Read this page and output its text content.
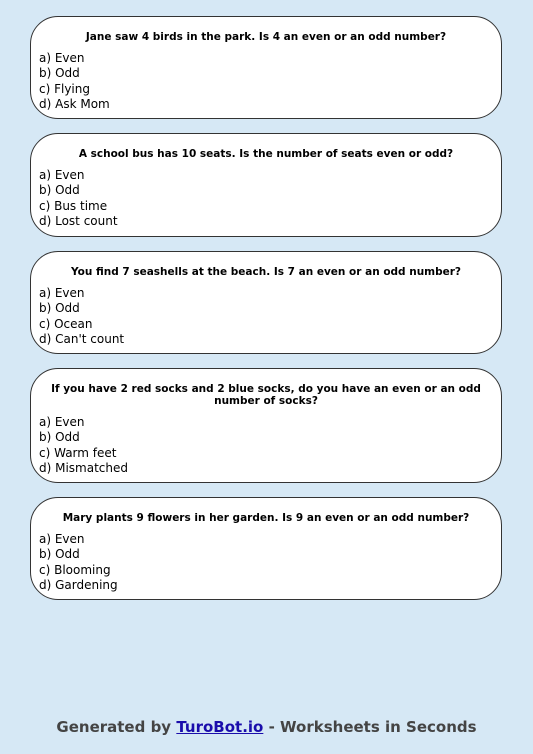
Jane saw 4 birds in the park. Is 4 an even or an odd number?
a) Even
b) Odd
c) Flying
d) Ask Mom
A school bus has 10 seats. Is the number of seats even or odd?
a) Even
b) Odd
c) Bus time
d) Lost count
You find 7 seashells at the beach. Is 7 an even or an odd number?
a) Even
b) Odd
c) Ocean
d) Can't count
If you have 2 red socks and 2 blue socks, do you have an even or an odd number of socks?
a) Even
b) Odd
c) Warm feet
d) Mismatched
Mary plants 9 flowers in her garden. Is 9 an even or an odd number?
a) Even
b) Odd
c) Blooming
d) Gardening
Generated by TuroBot.io - Worksheets in Seconds
